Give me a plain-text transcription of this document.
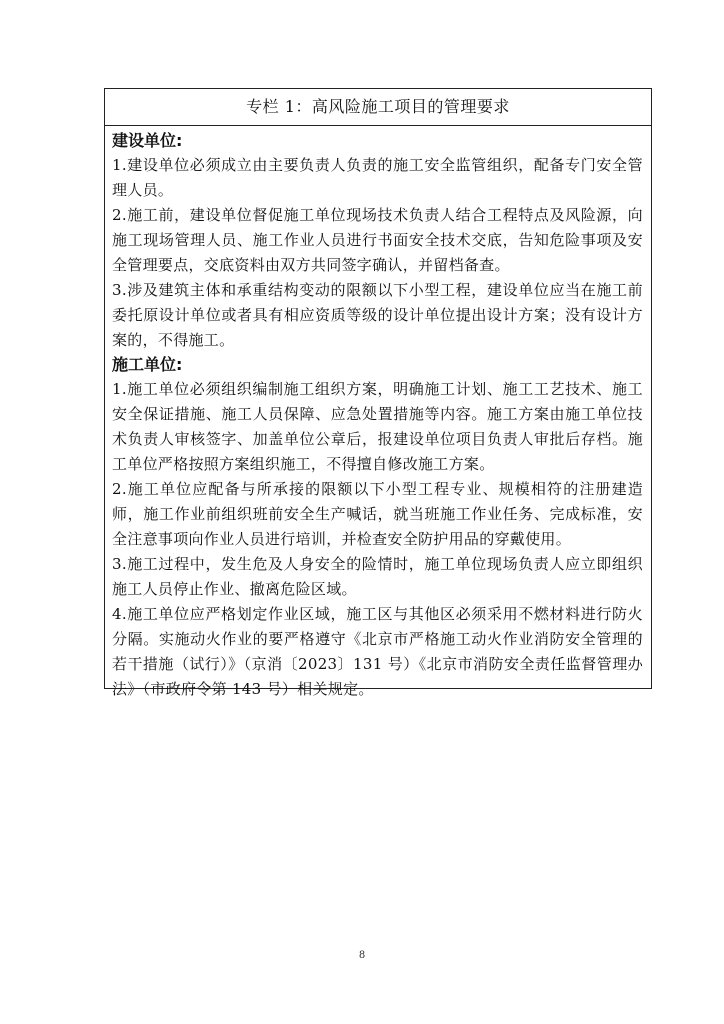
专栏 1：高风险施工项目的管理要求
建设单位:
1.建设单位必须成立由主要负责人负责的施工安全监管组织，配备专门安全管理人员。
2.施工前，建设单位督促施工单位现场技术负责人结合工程特点及风险源，向施工现场管理人员、施工作业人员进行书面安全技术交底，告知危险事项及安全管理要点，交底资料由双方共同签字确认，并留档备查。
3.涉及建筑主体和承重结构变动的限额以下小型工程，建设单位应当在施工前委托原设计单位或者具有相应资质等级的设计单位提出设计方案；没有设计方案的，不得施工。
施工单位:
1.施工单位必须组织编制施工组织方案，明确施工计划、施工工艺技术、施工安全保证措施、施工人员保障、应急处置措施等内容。施工方案由施工单位技术负责人审核签字、加盖单位公章后，报建设单位项目负责人审批后存档。施工单位严格按照方案组织施工，不得擅自修改施工方案。
2.施工单位应配备与所承接的限额以下小型工程专业、规模相符的注册建造师，施工作业前组织班前安全生产喊话，就当班施工作业任务、完成标准，安全注意事项向作业人员进行培训，并检查安全防护用品的穿戴使用。
3.施工过程中，发生危及人身安全的险情时，施工单位现场负责人应立即组织施工人员停止作业、撤离危险区域。
4.施工单位应严格划定作业区域，施工区与其他区必须采用不燃材料进行防火分隔。实施动火作业的要严格遵守《北京市严格施工动火作业消防安全管理的若干措施（试行）》（京消〔2023〕131 号）《北京市消防安全责任监督管理办法》（市政府令第 143 号）相关规定。
8
